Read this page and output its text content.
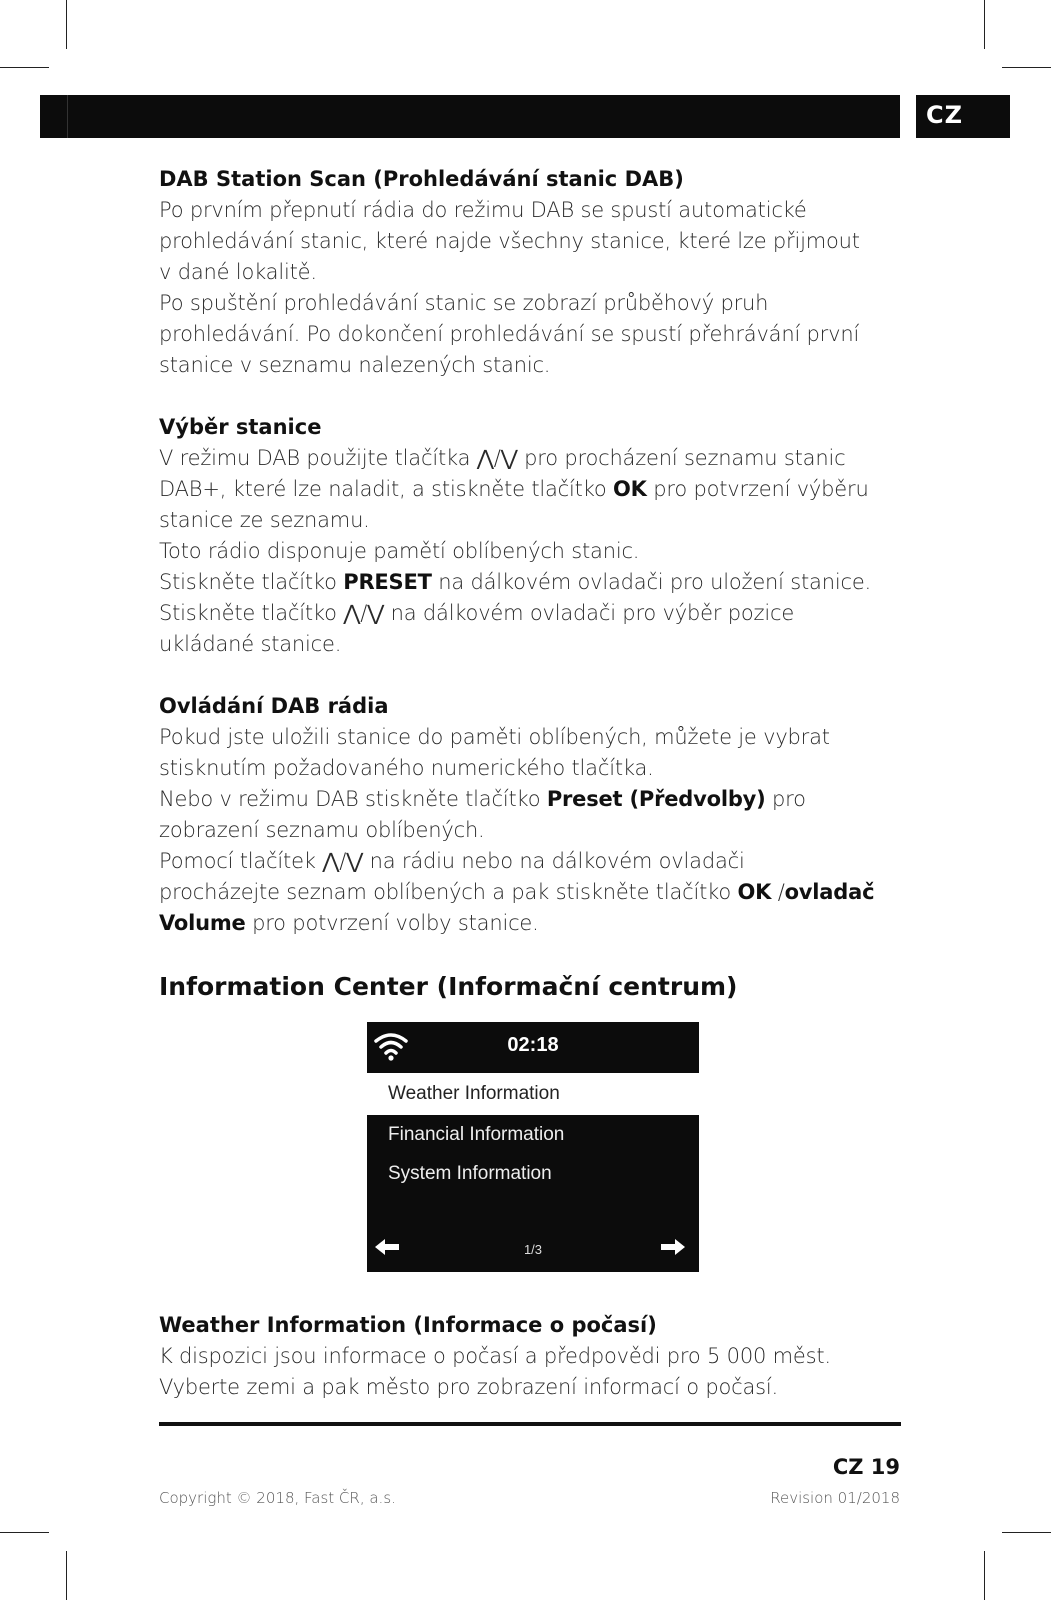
CZ
DAB Station Scan (Prohledávání stanic DAB)

Po prvním přepnutí rádia do režimu DAB se spustí automatické

prohledávání stanic, které najde všechny stanice, které lze přijmout

v dané lokalitě.

Po spuštění prohledávání stanic se zobrazí průběhový pruh

prohledávání. Po dokončení prohledávání se spustí přehrávání první

stanice v seznamu nalezených stanic.

Výběr stanice

V režimu DAB použijte tlačítka ⋀/⋁ pro procházení seznamu stanic

DAB+, které lze naladit, a stiskněte tlačítko OK pro potvrzení výběru

stanice ze seznamu.

Toto rádio disponuje pamětí oblíbených stanic.

Stiskněte tlačítko PRESET na dálkovém ovladači pro uložení stanice.

Stiskněte tlačítko ⋀/⋁ na dálkovém ovladači pro výběr pozice

ukládané stanice.

Ovládání DAB rádia

Pokud jste uložili stanice do paměti oblíbených, můžete je vybrat

stisknutím požadovaného numerického tlačítka.

Nebo v režimu DAB stiskněte tlačítko Preset (Předvolby) pro

zobrazení seznamu oblíbených.

Pomocí tlačítek ⋀/⋁ na rádiu nebo na dálkovém ovladači

procházejte seznam oblíbených a pak stiskněte tlačítko OK /ovladač

Volume pro potvrzení volby stanice.

Information Center (Informační centrum)
02:18
Weather Information
Financial Information
System Information
1/3
Weather Information (Informace o počasí)

K dispozici jsou informace o počasí a předpovědi pro 5 000 měst.

Vyberte zemi a pak město pro zobrazení informací o počasí.

CZ 19
Copyright © 2018, Fast ČR, a.s.	Revision 01/2018
